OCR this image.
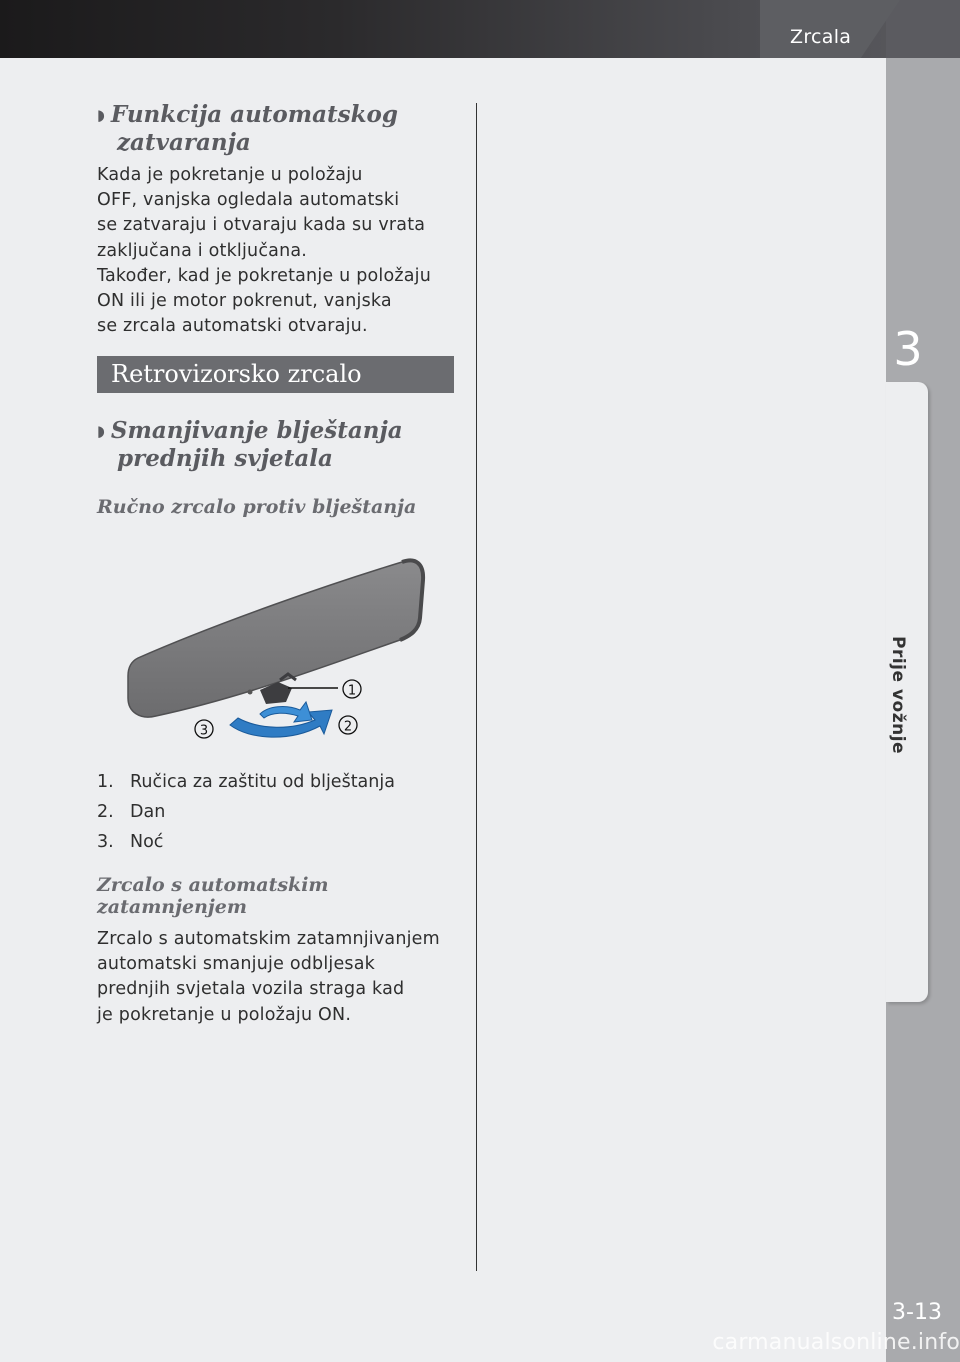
Zrcala
3
Prije vožnje
3-13
carmanualsonline.info
◗ Funkcija automatskog
zatvaranja
Kada je pokretanje u položaju
OFF, vanjska ogledala automatski
se zatvaraju i otvaraju kada su vrata
zaključana i otključana.
Također, kad je pokretanje u položaju
ON ili je motor pokrenut, vanjska
se zrcala automatski otvaraju.
Retrovizorsko zrcalo
◗ Smanjivanje blještanja
prednjih svjetala
Ručno zrcalo protiv blještanja
1
2
3
1. Ručica za zaštitu od blještanja
2. Dan
3. Noć
Zrcalo s automatskim zatamnjenjem
Zrcalo s automatskim zatamnjivanjem
automatski smanjuje odbljesak
prednjih svjetala vozila straga kad
je pokretanje u položaju ON.
